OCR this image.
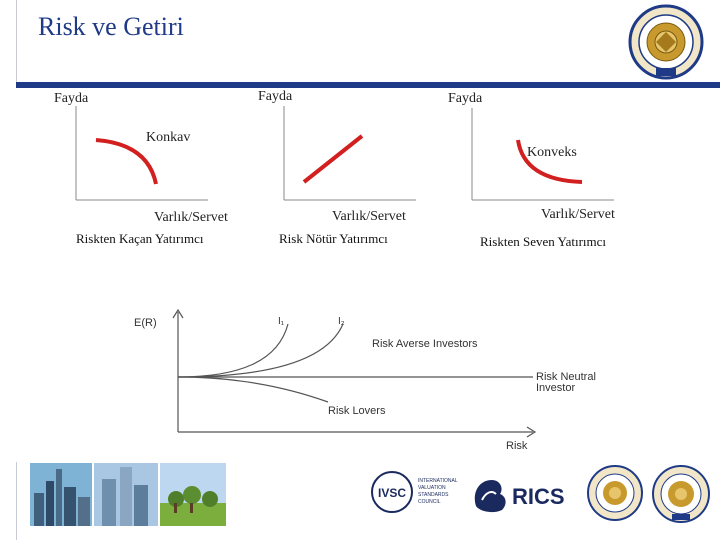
Risk ve Getiri
Fayda
Konkav
Varlık/Servet
Riskten Kaçan Yatırımcı
Fayda
Varlık/Servet
Risk Nötür Yatırımcı
Fayda
Konveks
Varlık/Servet
Riskten Seven Yatırımcı
E(R)
Risk
I₁	I₂
Risk Averse Investors
Risk Neutral
Investor
Risk Lovers
IVSC
INTERNATIONAL
VALUATION
STANDARDS
COUNCIL	RICS
